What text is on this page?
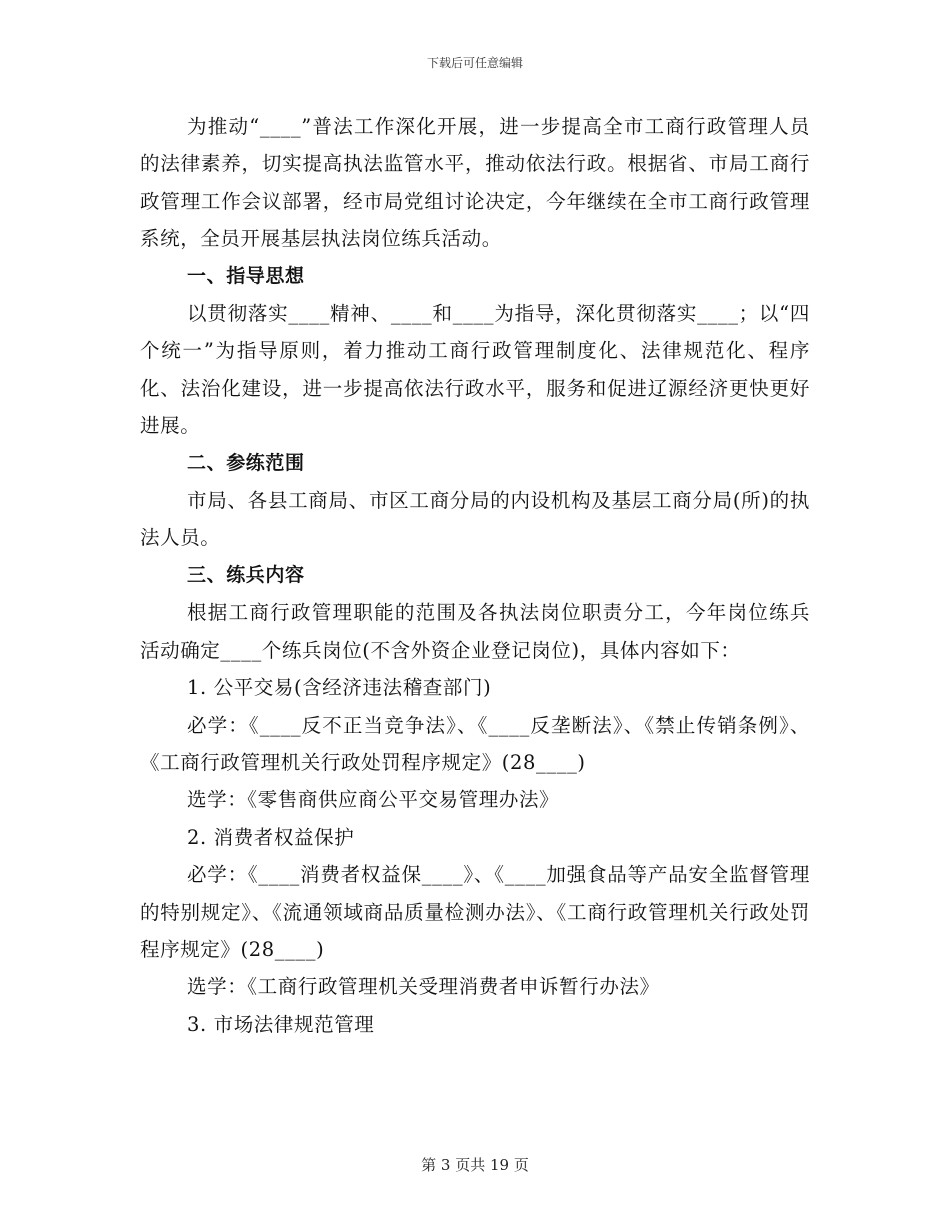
下载后可任意编辑

为推动“____”普法工作深化开展，进一步提高全市工商行政管理人员的法律素养，切实提高执法监管水平，推动依法行政。根据省、市局工商行政管理工作会议部署，经市局党组讨论决定，今年继续在全市工商行政管理系统，全员开展基层执法岗位练兵活动。

一、指导思想

以贯彻落实____精神、____和____为指导，深化贯彻落实____；以“四个统一”为指导原则，着力推动工商行政管理制度化、法律规范化、程序化、法治化建设，进一步提高依法行政水平，服务和促进辽源经济更快更好进展。

二、参练范围

市局、各县工商局、市区工商分局的内设机构及基层工商分局(所)的执法人员。

三、练兵内容

根据工商行政管理职能的范围及各执法岗位职责分工，今年岗位练兵活动确定____个练兵岗位(不含外资企业登记岗位)，具体内容如下：

1. 公平交易(含经济违法稽查部门)

必学：《____反不正当竞争法》、《____反垄断法》、《禁止传销条例》、《工商行政管理机关行政处罚程序规定》(28____)

选学：《零售商供应商公平交易管理办法》

2. 消费者权益保护

必学：《____消费者权益保____》、《____加强食品等产品安全监督管理的特别规定》、《流通领域商品质量检测办法》、《工商行政管理机关行政处罚程序规定》(28____)

选学：《工商行政管理机关受理消费者申诉暂行办法》

3. 市场法律规范管理

第 3 页共 19 页
